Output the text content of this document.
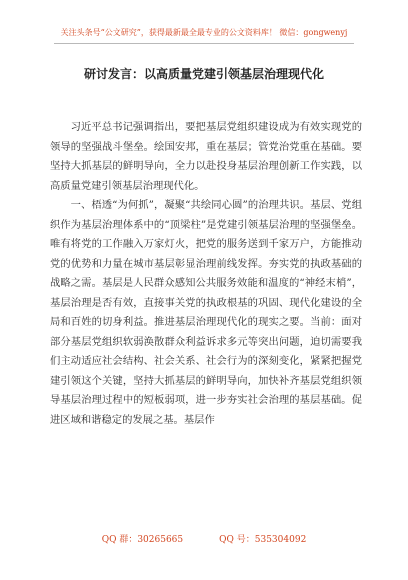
关注头条号“公文研究”，获得最新最全最专业的公文资料库！ 微信：gongwenyj
研讨发言：以高质量党建引领基层治理现代化

习近平总书记强调指出，要把基层党组织建设成为有效实现党的领导的坚强战斗堡垒。绘国安邦，重在基层；管党治党重在基础。要坚持大抓基层的鲜明导向，全力以赴投身基层治理创新工作实践，以高质量党建引领基层治理现代化。

一、梧透“为何抓”，凝聚“共绘同心圆”的治理共识。基层、党组织作为基层治理体系中的“顶梁柱”是党建引领基层治理的坚强堡垒。唯有将党的工作融入万家灯火，把党的服务送到千家万户，方能推动党的优势和力量在城市基层彰显治理前线发挥。夯实党的执政基础的战略之需。基层是人民群众感知公共服务效能和温度的“神经末梢”，基层治理是否有效，直接事关党的执政根基的巩固、现代化建设的全局和百姓的切身利益。推进基层治理现代化的现实之要。当前：面对部分基层党组织软弱涣散群众利益诉求多元等突出问题，迫切需要我们主动适应社会结构、社会关系、社会行为的深刻变化，紧紧把握党建引领这个关键，坚持大抓基层的鲜明导向，加快补齐基层党组织领导基层治理过程中的短板弱项，进一步夯实社会治理的基层基础。促进区域和谐稳定的发展之基。基层作

QQ 群：30265665	QQ 号：535304092
